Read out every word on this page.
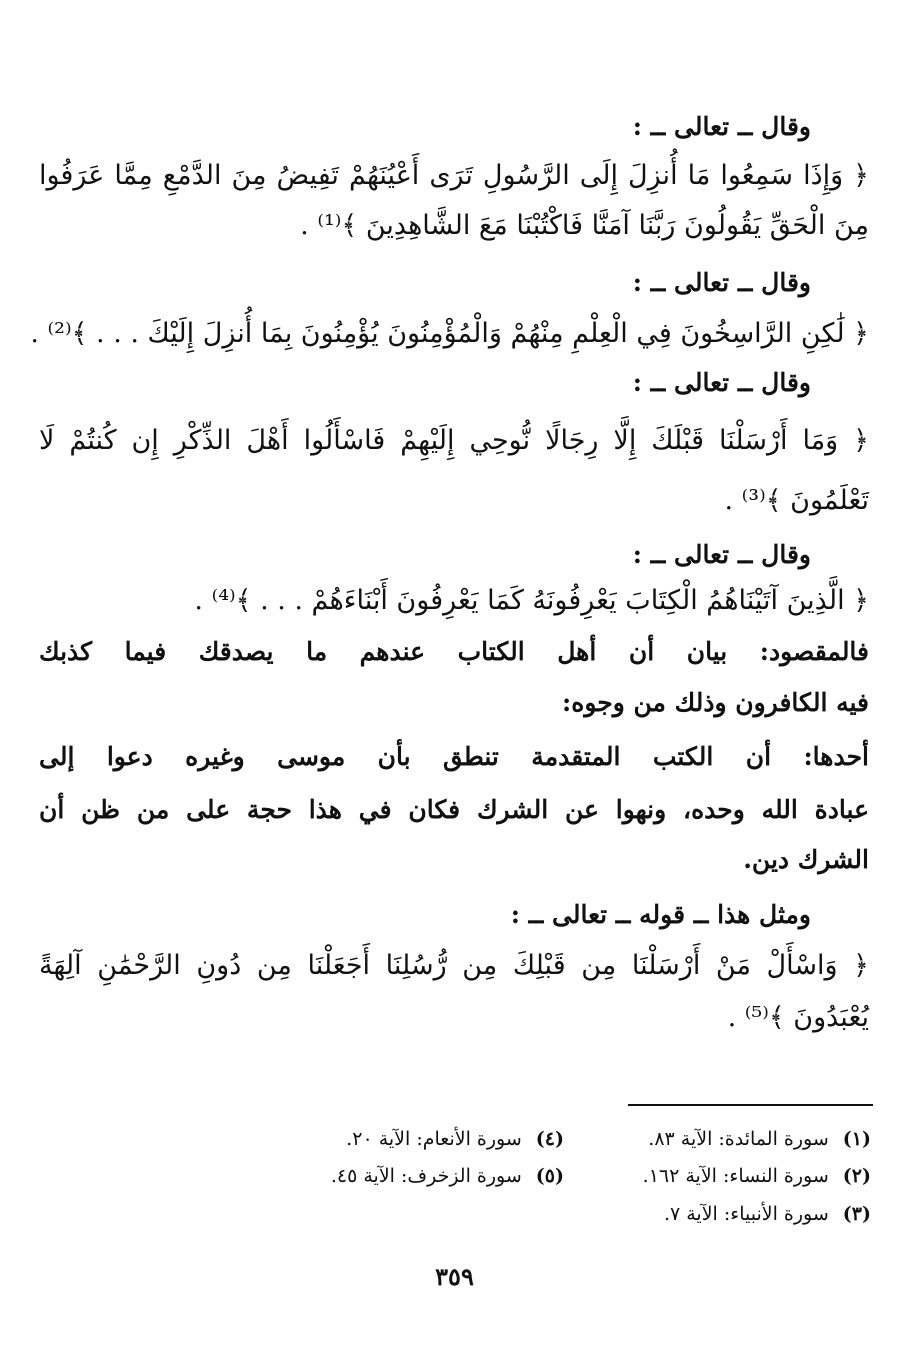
وقال ــ تعالى ــ :
﴿ وَإِذَا سَمِعُوا مَا أُنزِلَ إِلَى الرَّسُولِ تَرَى أَعْيُنَهُمْ تَفِيضُ مِنَ الدَّمْعِ مِمَّا عَرَفُوا
مِنَ الْحَقِّ يَقُولُونَ رَبَّنَا آمَنَّا فَاكْتُبْنَا مَعَ الشَّاهِدِينَ ﴾⁽¹⁾ .
وقال ــ تعالى ــ :
﴿ لَٰكِنِ الرَّاسِخُونَ فِي الْعِلْمِ مِنْهُمْ وَالْمُؤْمِنُونَ يُؤْمِنُونَ بِمَا أُنزِلَ إِلَيْكَ . . . ﴾⁽²⁾ .
وقال ــ تعالى ــ :
﴿ وَمَا أَرْسَلْنَا قَبْلَكَ إِلَّا رِجَالًا نُّوحِي إِلَيْهِمْ فَاسْأَلُوا أَهْلَ الذِّكْرِ إِن كُنتُمْ لَا
تَعْلَمُونَ ﴾⁽³⁾ .
وقال ــ تعالى ــ :
﴿ الَّذِينَ آتَيْنَاهُمُ الْكِتَابَ يَعْرِفُونَهُ كَمَا يَعْرِفُونَ أَبْنَاءَهُمْ . . . ﴾⁽⁴⁾ .
فالمقصود: بيان أن أهل الكتاب عندهم ما يصدقك فيما كذبك
فيه الكافرون وذلك من وجوه:
أحدها: أن الكتب المتقدمة تنطق بأن موسى وغيره دعوا إلى
عبادة الله وحده، ونهوا عن الشرك فكان في هذا حجة على من ظن أن
الشرك دين.
ومثل هذا ــ قوله ــ تعالى ــ :
﴿ وَاسْأَلْ مَنْ أَرْسَلْنَا مِن قَبْلِكَ مِن رُّسُلِنَا أَجَعَلْنَا مِن دُونِ الرَّحْمَٰنِ آلِهَةً
يُعْبَدُونَ ﴾⁽⁵⁾ .
(١)سورة المائدة: الآية ٨٣.
(٢)سورة النساء: الآية ١٦٢.
(٣)سورة الأنبياء: الآية ٧.
(٤)سورة الأنعام: الآية ٢٠.
(٥)سورة الزخرف: الآية ٤٥.
٣٥٩
